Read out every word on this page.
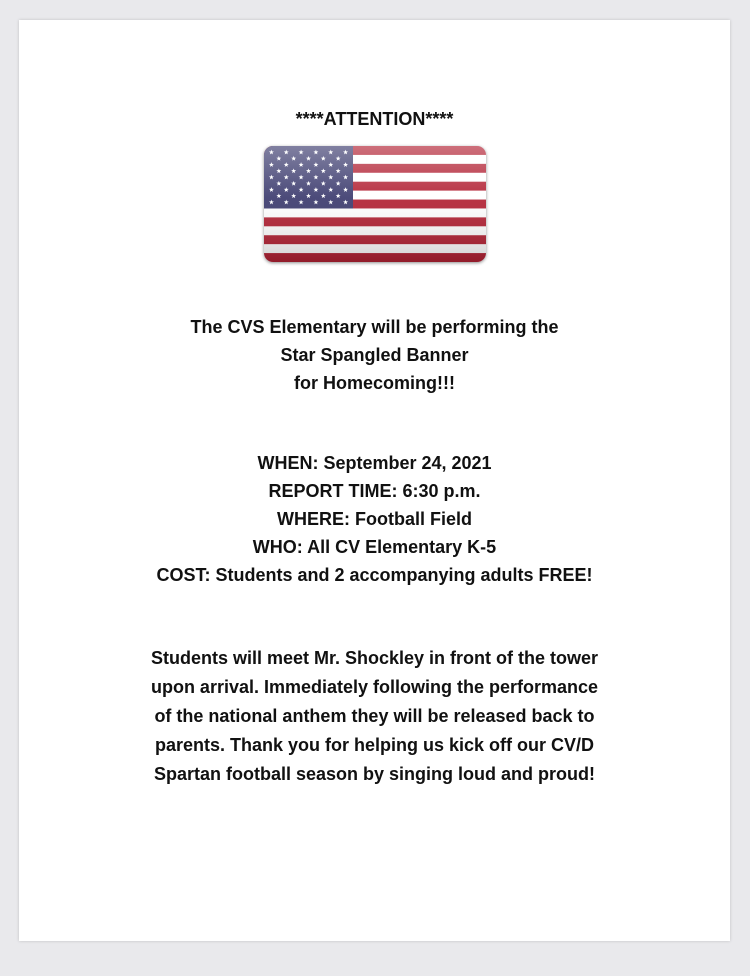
****ATTENTION****
The CVS Elementary will be performing the
Star Spangled Banner
for Homecoming!!!
WHEN: September 24, 2021
REPORT TIME: 6:30 p.m.
WHERE: Football Field
WHO: All CV Elementary K-5
COST: Students and 2 accompanying adults FREE!
Students will meet Mr. Shockley in front of the tower
upon arrival. Immediately following the performance
of the national anthem they will be released back to
parents. Thank you for helping us kick off our CV/D
Spartan football season by singing loud and proud!
